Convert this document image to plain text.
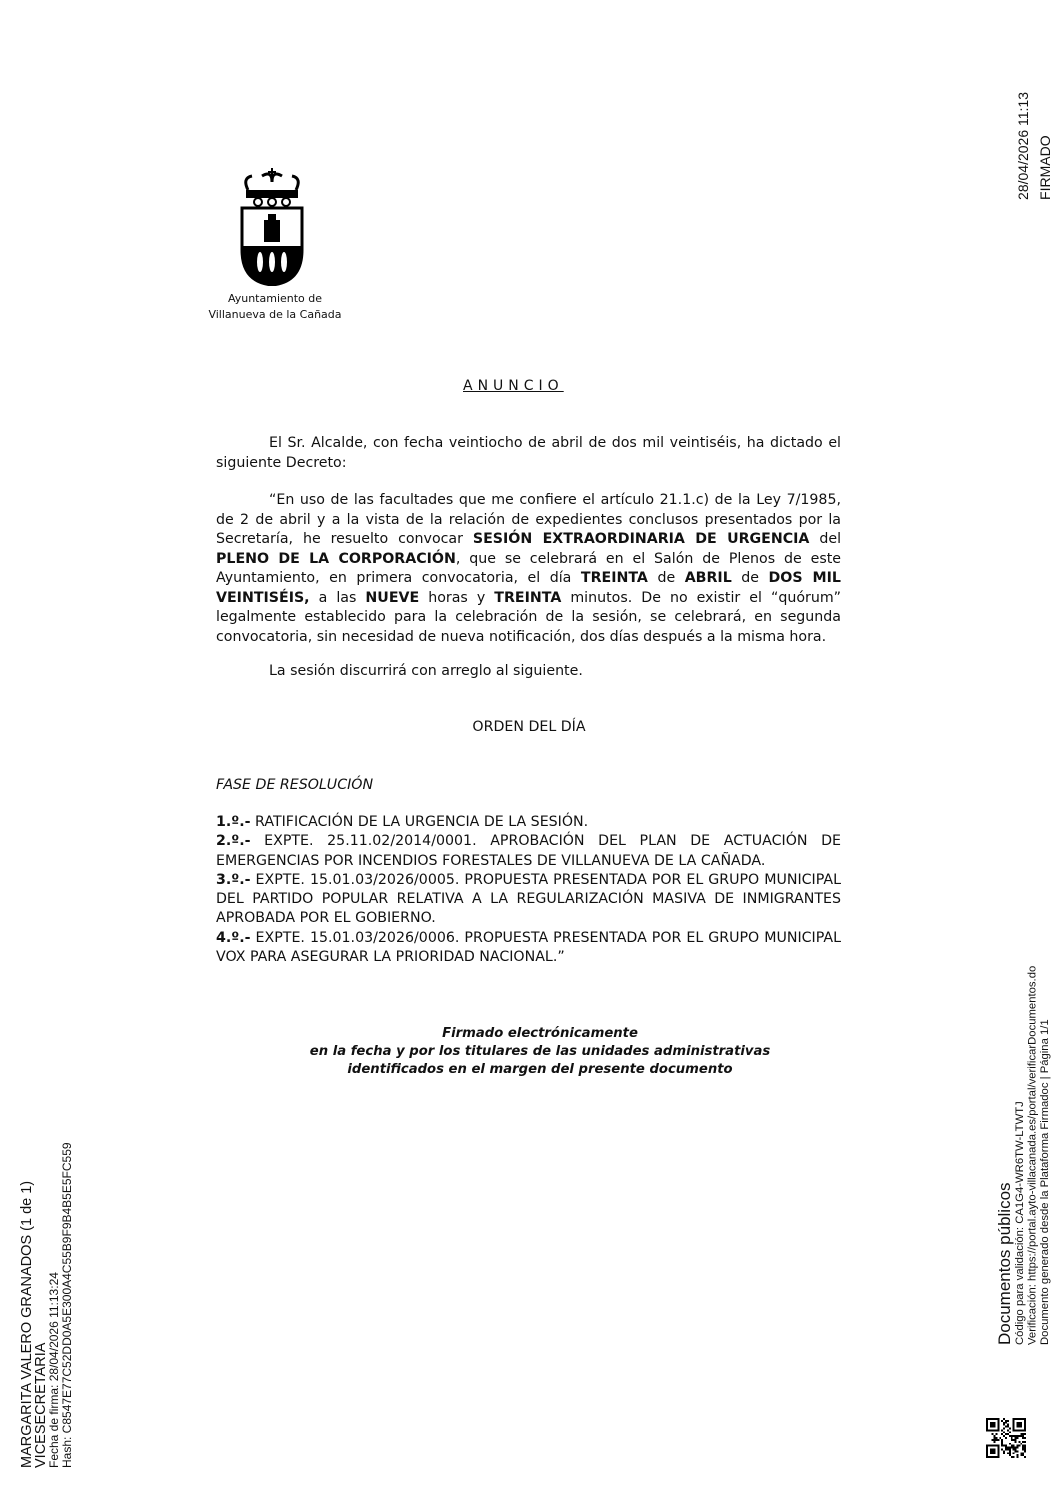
28/04/2026 11:13 FIRMADO
Ayuntamiento de
Villanueva de la Cañada
ANUNCIO
El Sr. Alcalde, con fecha veintiocho de abril de dos mil veintiséis, ha dictado el siguiente Decreto:
“En uso de las facultades que me confiere el artículo 21.1.c) de la Ley 7/1985, de 2 de abril y a la vista de la relación de expedientes conclusos presentados por la Secretaría, he resuelto convocar SESIÓN EXTRAORDINARIA DE URGENCIA del PLENO DE LA CORPORACIÓN, que se celebrará en el Salón de Plenos de este Ayuntamiento, en primera convocatoria, el día TREINTA de ABRIL de DOS MIL VEINTISÉIS, a las NUEVE horas y TREINTA minutos. De no existir el “quórum” legalmente establecido para la celebración de la sesión, se celebrará, en segunda convocatoria, sin necesidad de nueva notificación, dos días después a la misma hora.
La sesión discurrirá con arreglo al siguiente.
ORDEN DEL DÍA
FASE DE RESOLUCIÓN

1.º.- RATIFICACIÓN DE LA URGENCIA DE LA SESIÓN.

2.º.- EXPTE. 25.11.02/2014/0001. APROBACIÓN DEL PLAN DE ACTUACIÓN DE EMERGENCIAS POR INCENDIOS FORESTALES DE VILLANUEVA DE LA CAÑADA.

3.º.- EXPTE. 15.01.03/2026/0005. PROPUESTA PRESENTADA POR EL GRUPO MUNICIPAL DEL PARTIDO POPULAR RELATIVA A LA REGULARIZACIÓN MASIVA DE INMIGRANTES APROBADA POR EL GOBIERNO.

4.º.- EXPTE. 15.01.03/2026/0006. PROPUESTA PRESENTADA POR EL GRUPO MUNICIPAL VOX PARA ASEGURAR LA PRIORIDAD NACIONAL.”

Firmado electrónicamente
en la fecha y por los titulares de las unidades administrativas
identificados en el margen del presente documento
MARGARITA VALERO GRANADOS (1 de 1)
VICESECRETARIA
Fecha de firma: 28/04/2026 11:13:24 Hash: C8547E77C52DD0A5E300A4C55B9F9B4B5E5FC559	Documentos públicos Código para validación: CA1G4-WR6TW-LTWTJ Verificación: https://portal.ayto-villacanada.es/portal/verificarDocumentos.do Documento generado desde la Plataforma Firmadoc | Página 1/1
